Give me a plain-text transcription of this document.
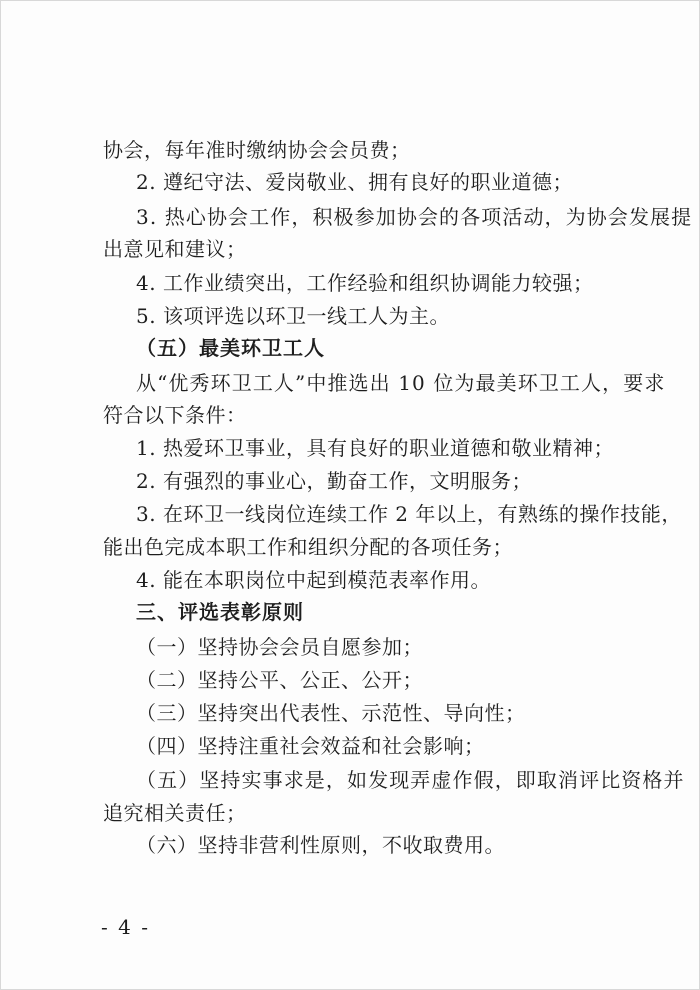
协会，每年准时缴纳协会会员费；
2. 遵纪守法、爱岗敬业、拥有良好的职业道德；
3. 热心协会工作，积极参加协会的各项活动，为协会发展提
出意见和建议；
4. 工作业绩突出，工作经验和组织协调能力较强；
5. 该项评选以环卫一线工人为主。
（五）最美环卫工人
从“优秀环卫工人”中推选出 10 位为最美环卫工人，要求
符合以下条件：
1. 热爱环卫事业，具有良好的职业道德和敬业精神；
2. 有强烈的事业心，勤奋工作，文明服务；
3. 在环卫一线岗位连续工作 2 年以上，有熟练的操作技能，
能出色完成本职工作和组织分配的各项任务；
4. 能在本职岗位中起到模范表率作用。
三、评选表彰原则
（一）坚持协会会员自愿参加；
（二）坚持公平、公正、公开；
（三）坚持突出代表性、示范性、导向性；
（四）坚持注重社会效益和社会影响；
（五）坚持实事求是，如发现弄虚作假，即取消评比资格并
追究相关责任；
（六）坚持非营利性原则，不收取费用。
- 4 -
